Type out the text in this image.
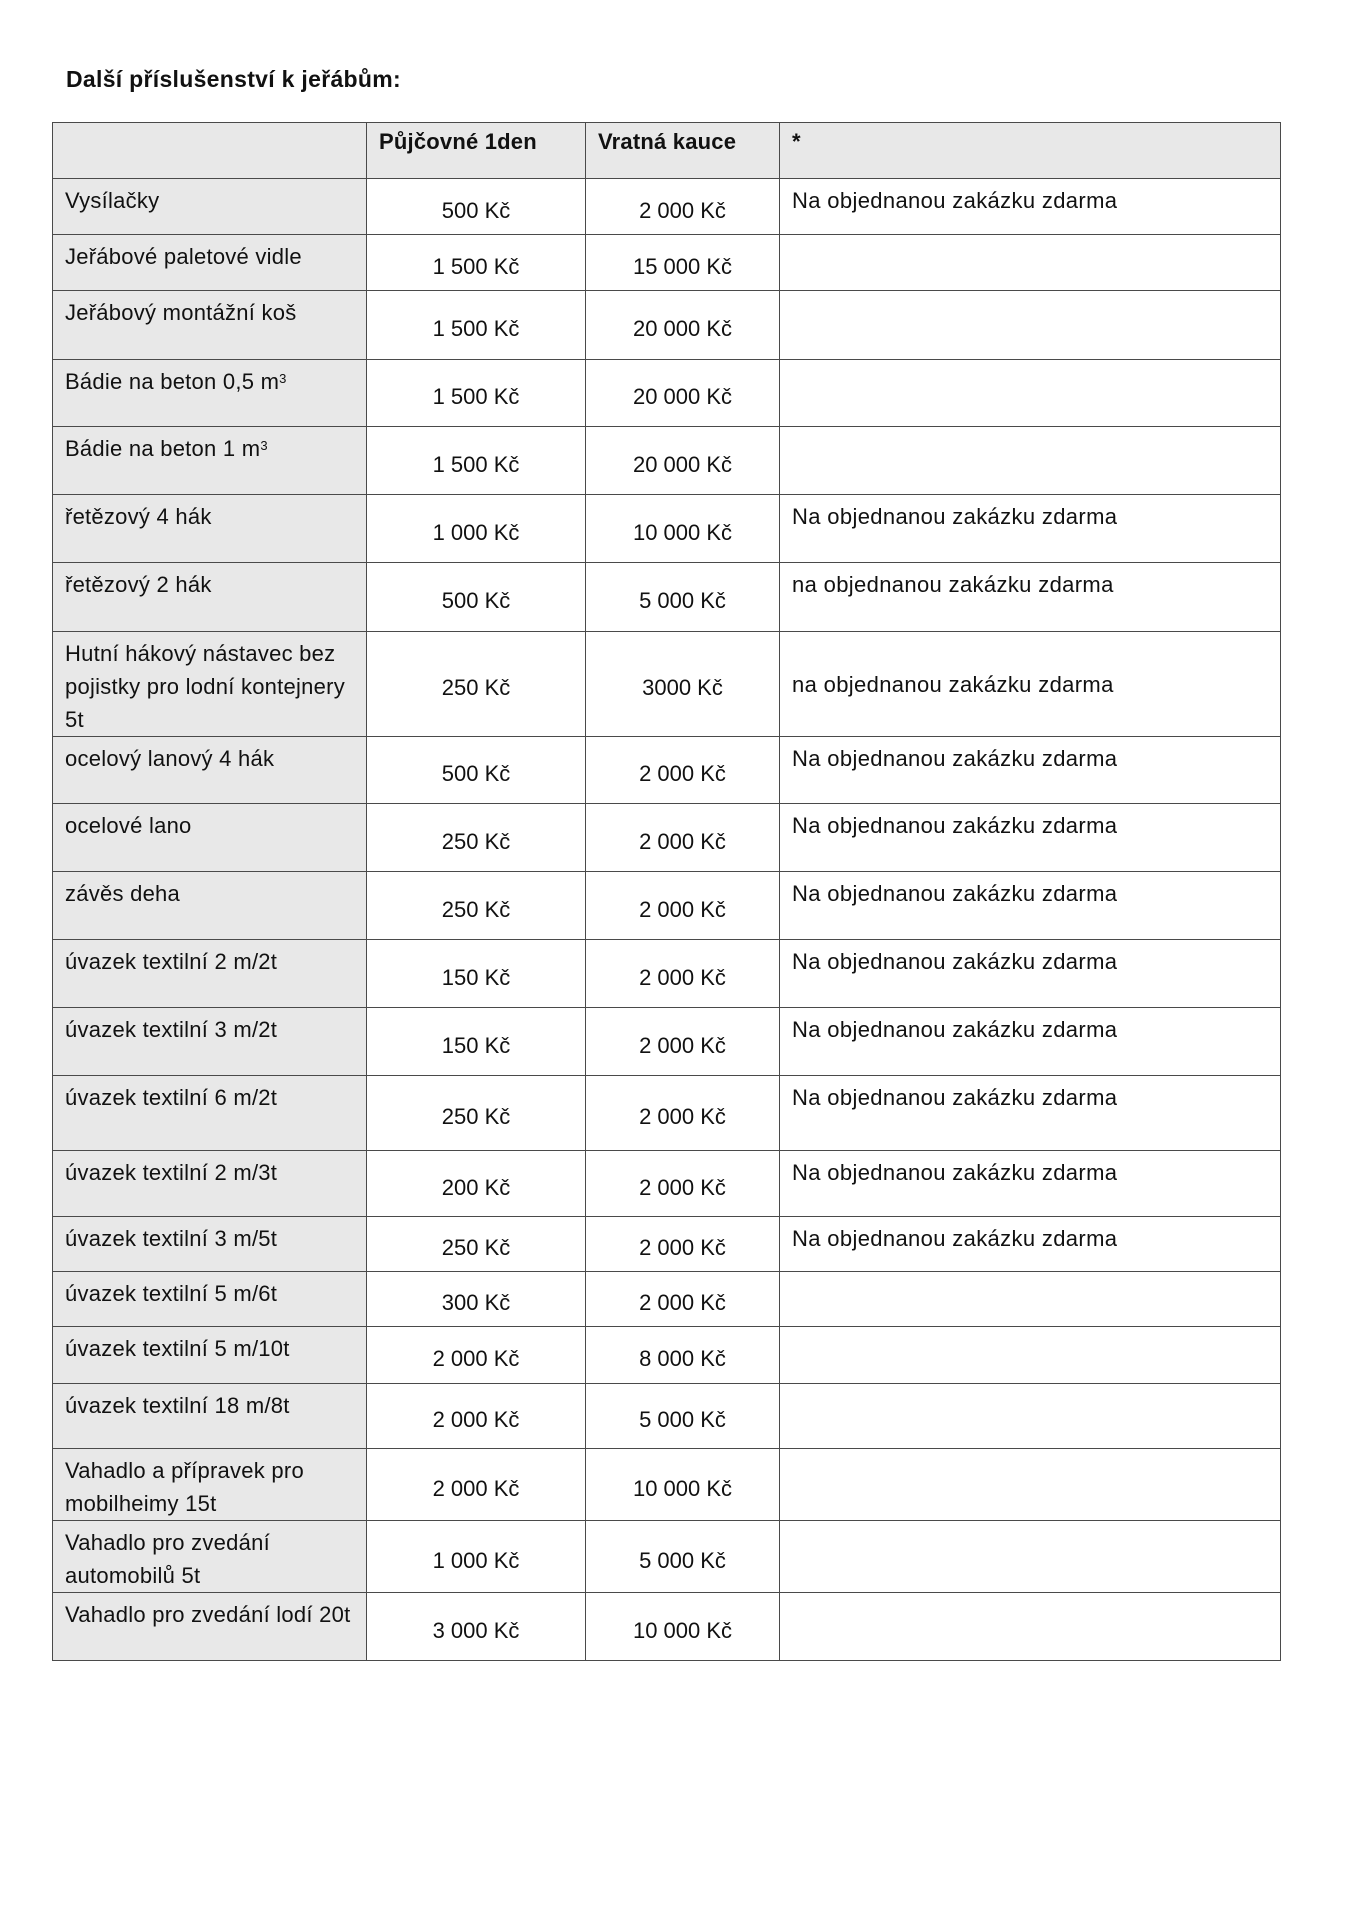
Další příslušenství k jeřábům:
	Půjčovné 1den	Vratná kauce	*
Vysílačky	500 Kč	2 000 Kč	Na objednanou zakázku zdarma
Jeřábové paletové vidle	1 500 Kč	15 000 Kč	
Jeřábový montážní koš	1 500 Kč	20 000 Kč	
Bádie na beton 0,5 $m^3$	1 500 Kč	20 000 Kč	
Bádie na beton 1 $m^3$	1 500 Kč	20 000 Kč	
řetězový 4 hák	1 000 Kč	10 000 Kč	Na objednanou zakázku zdarma
řetězový 2 hák	500 Kč	5 000 Kč	na objednanou zakázku zdarma
Hutní hákový nástavec bez pojistky pro lodní kontejnery 5t	250 Kč	3000 Kč	na objednanou zakázku zdarma
ocelový lanový 4 hák	500 Kč	2 000 Kč	Na objednanou zakázku zdarma
ocelové lano	250 Kč	2 000 Kč	Na objednanou zakázku zdarma
závěs deha	250 Kč	2 000 Kč	Na objednanou zakázku zdarma
úvazek textilní 2 m/2t	150 Kč	2 000 Kč	Na objednanou zakázku zdarma
úvazek textilní 3 m/2t	150 Kč	2 000 Kč	Na objednanou zakázku zdarma
úvazek textilní 6 m/2t	250 Kč	2 000 Kč	Na objednanou zakázku zdarma
úvazek textilní 2 m/3t	200 Kč	2 000 Kč	Na objednanou zakázku zdarma
úvazek textilní 3 m/5t	250 Kč	2 000 Kč	Na objednanou zakázku zdarma
úvazek textilní 5 m/6t	300 Kč	2 000 Kč	
úvazek textilní 5 m/10t	2 000 Kč	8 000 Kč	
úvazek textilní 18 m/8t	2 000 Kč	5 000 Kč	
Vahadlo a přípravek pro mobilheimy 15t	2 000 Kč	10 000 Kč	
Vahadlo pro zvedání automobilů 5t	1 000 Kč	5 000 Kč	
Vahadlo pro zvedání lodí 20t	3 000 Kč	10 000 Kč	
